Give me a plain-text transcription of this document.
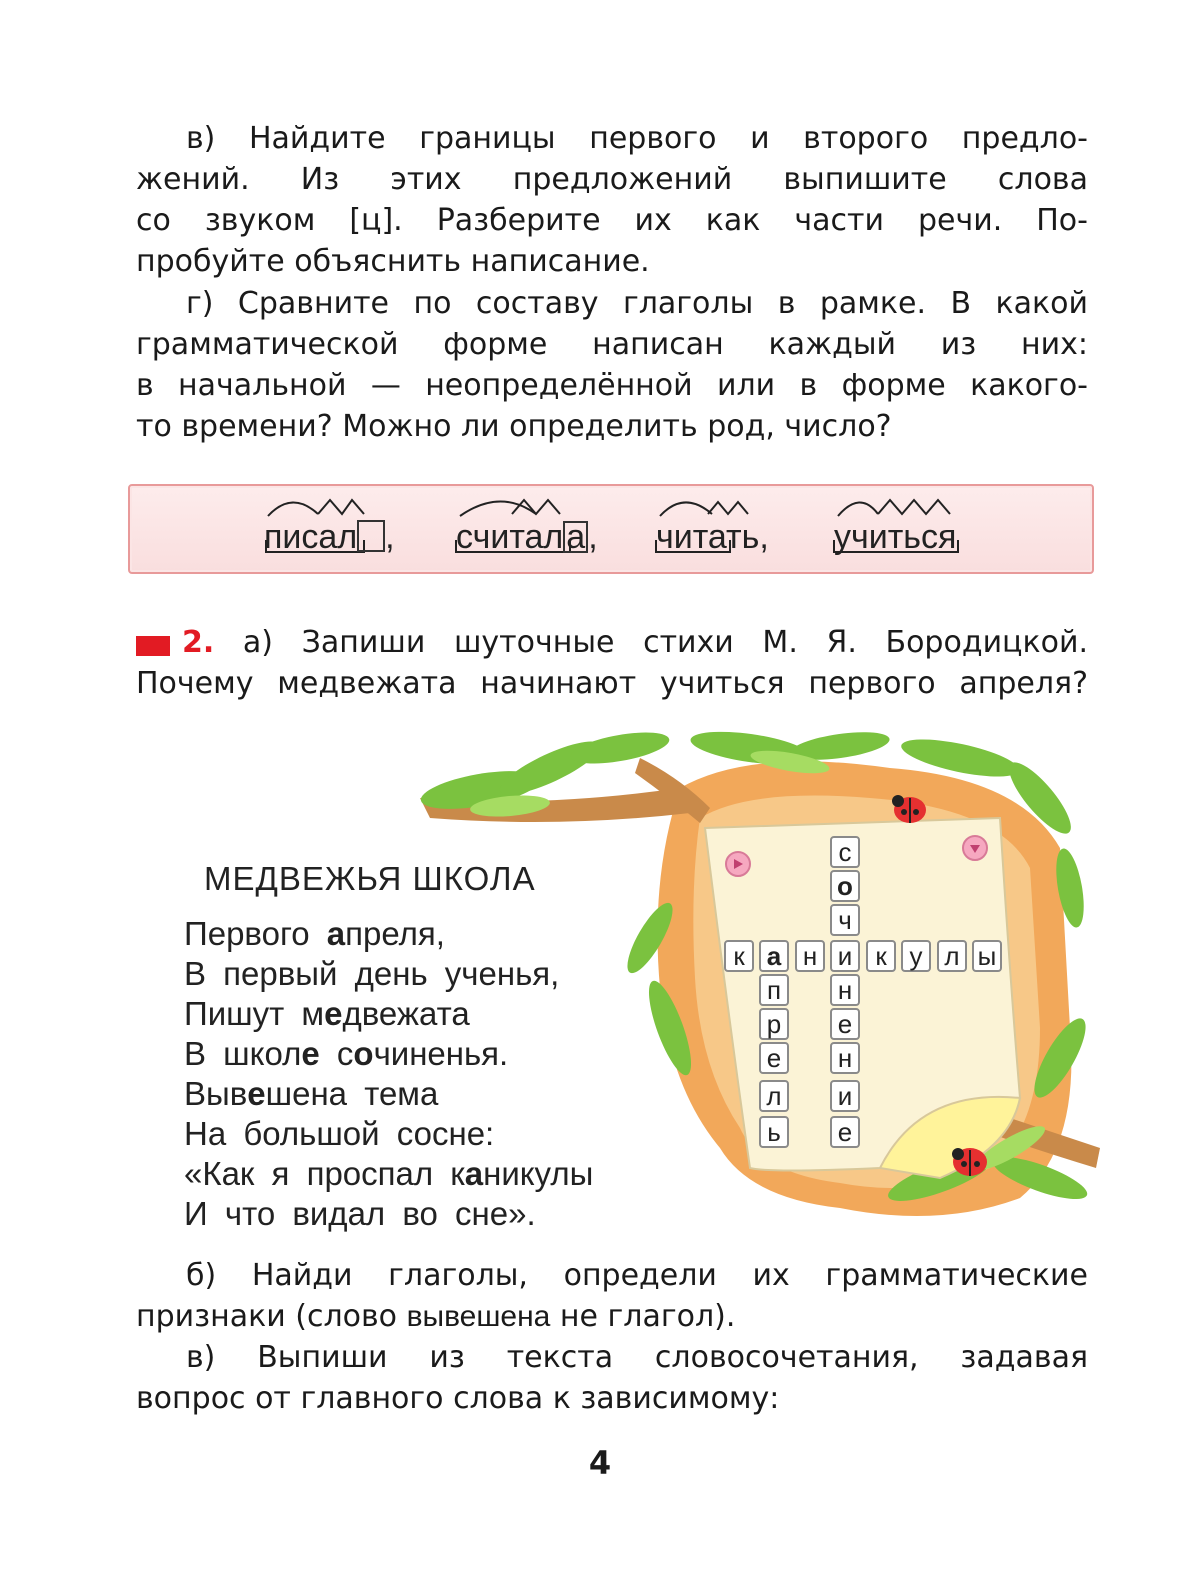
в) Найдите границы первого и второго предло-
жений. Из этих предложений выпишите слова
со звуком [ц]. Разберите их как части речи. По-
пробуйте объяснить написание.
г) Сравните по составу глаголы в рамке. В какой
грамматической форме написан каждый из них:
в начальной — неопределённой или в форме какого-
то времени? Можно ли определить род, число?
писал , считала, читать, учиться
2. а) Запиши шуточные стихи М. Я. Бородицкой.
Почему медвежата начинают учиться первого апреля?
с
о
ч
к а н и к у л ы
н
е
н
и
е
п
р
е
л
ь
МЕДВЕЖЬЯ ШКОЛА
Первого апреля,
В первый день ученья,
Пишут медвежата
В школе сочиненья.
Вывешена тема
На большой сосне:
«Как я проспал каникулы
И что видал во сне».
б) Найди глаголы, определи их грамматические
признаки (слово вывешена не глагол).
в) Выпиши из текста словосочетания, задавая
вопрос от главного слова к зависимому:
4
